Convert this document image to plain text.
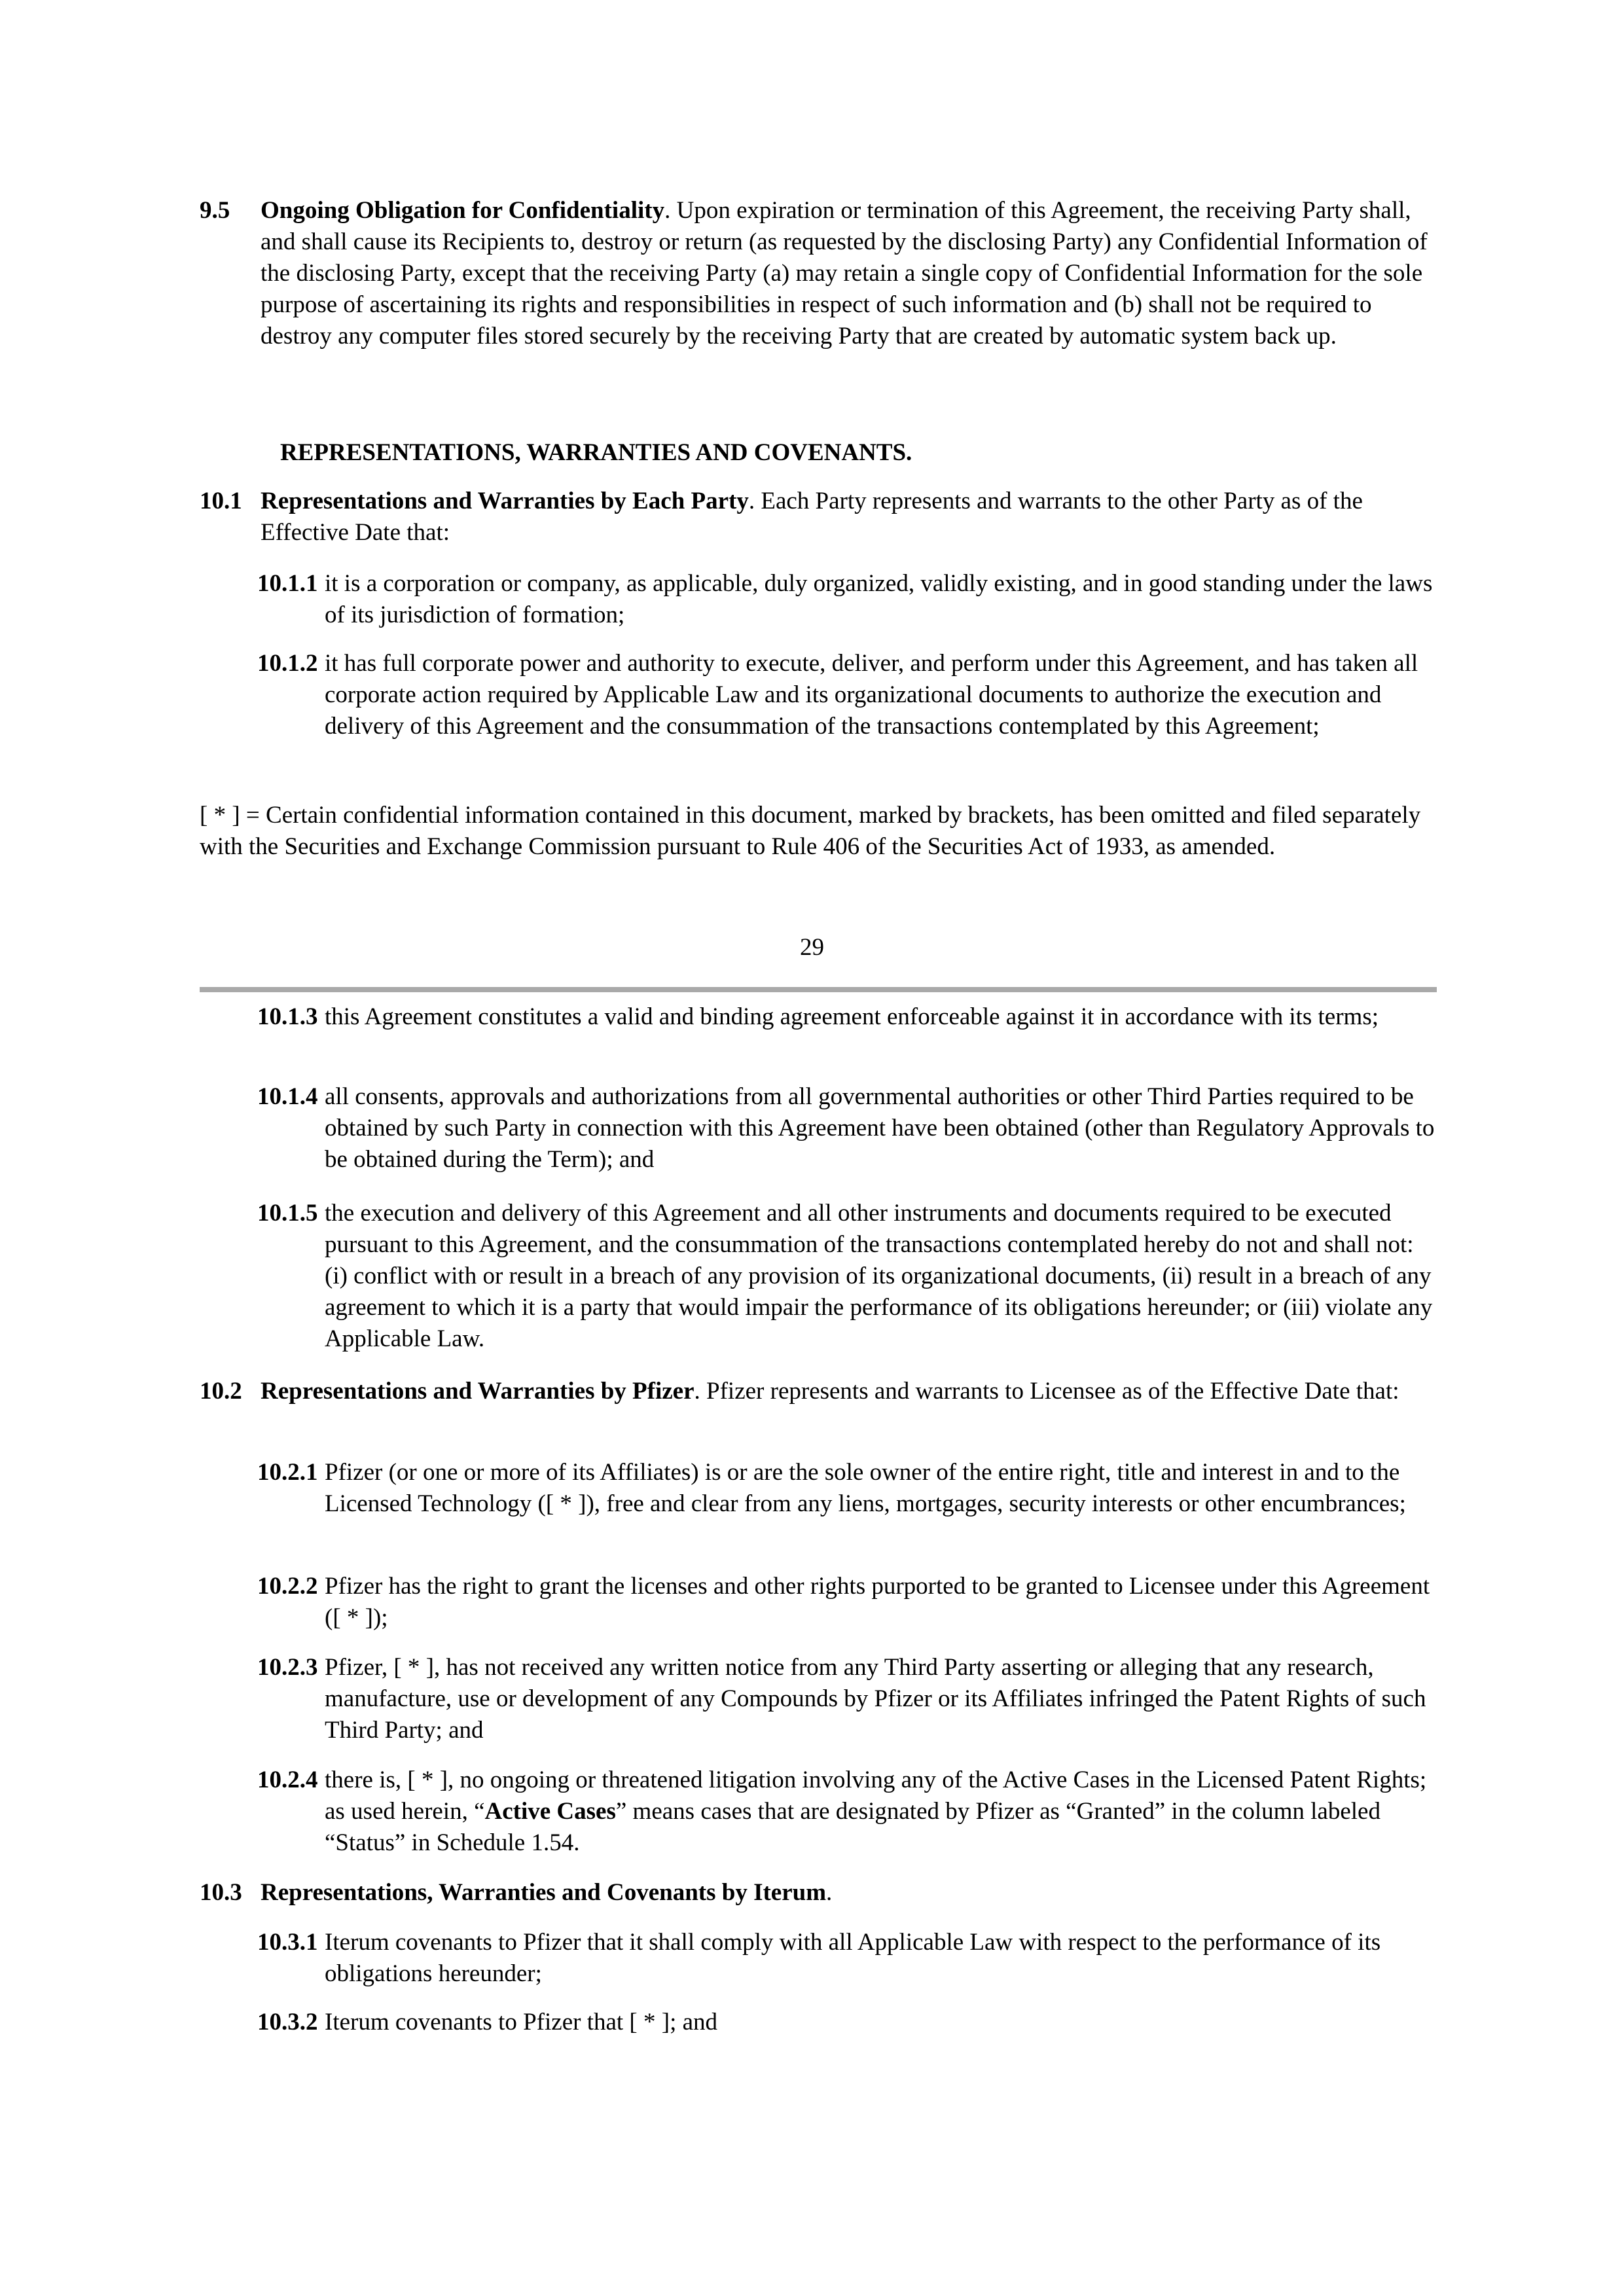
9.5 Ongoing Obligation for Confidentiality. Upon expiration or termination of this Agreement, the receiving Party shall, and shall cause its Recipients to, destroy or return (as requested by the disclosing Party) any Confidential Information of the disclosing Party, except that the receiving Party (a) may retain a single copy of Confidential Information for the sole purpose of ascertaining its rights and responsibilities in respect of such information and (b) shall not be required to destroy any computer files stored securely by the receiving Party that are created by automatic system back up.
REPRESENTATIONS, WARRANTIES AND COVENANTS.
10.1 Representations and Warranties by Each Party. Each Party represents and warrants to the other Party as of the Effective Date that:
10.1.1 it is a corporation or company, as applicable, duly organized, validly existing, and in good standing under the laws of its jurisdiction of formation;
10.1.2 it has full corporate power and authority to execute, deliver, and perform under this Agreement, and has taken all corporate action required by Applicable Law and its organizational documents to authorize the execution and delivery of this Agreement and the consummation of the transactions contemplated by this Agreement;
[ * ] = Certain confidential information contained in this document, marked by brackets, has been omitted and filed separately with the Securities and Exchange Commission pursuant to Rule 406 of the Securities Act of 1933, as amended.
29
10.1.3 this Agreement constitutes a valid and binding agreement enforceable against it in accordance with its terms;
10.1.4 all consents, approvals and authorizations from all governmental authorities or other Third Parties required to be obtained by such Party in connection with this Agreement have been obtained (other than Regulatory Approvals to be obtained during the Term); and
10.1.5 the execution and delivery of this Agreement and all other instruments and documents required to be executed pursuant to this Agreement, and the consummation of the transactions contemplated hereby do not and shall not: (i) conflict with or result in a breach of any provision of its organizational documents, (ii) result in a breach of any agreement to which it is a party that would impair the performance of its obligations hereunder; or (iii) violate any Applicable Law.
10.2 Representations and Warranties by Pfizer. Pfizer represents and warrants to Licensee as of the Effective Date that:
10.2.1 Pfizer (or one or more of its Affiliates) is or are the sole owner of the entire right, title and interest in and to the Licensed Technology ([ * ]), free and clear from any liens, mortgages, security interests or other encumbrances;
10.2.2 Pfizer has the right to grant the licenses and other rights purported to be granted to Licensee under this Agreement ([ * ]);
10.2.3 Pfizer, [ * ], has not received any written notice from any Third Party asserting or alleging that any research, manufacture, use or development of any Compounds by Pfizer or its Affiliates infringed the Patent Rights of such Third Party; and
10.2.4 there is, [ * ], no ongoing or threatened litigation involving any of the Active Cases in the Licensed Patent Rights; as used herein, “Active Cases” means cases that are designated by Pfizer as “Granted” in the column labeled “Status” in Schedule 1.54.
10.3 Representations, Warranties and Covenants by Iterum.
10.3.1 Iterum covenants to Pfizer that it shall comply with all Applicable Law with respect to the performance of its obligations hereunder;
10.3.2 Iterum covenants to Pfizer that [ * ]; and
